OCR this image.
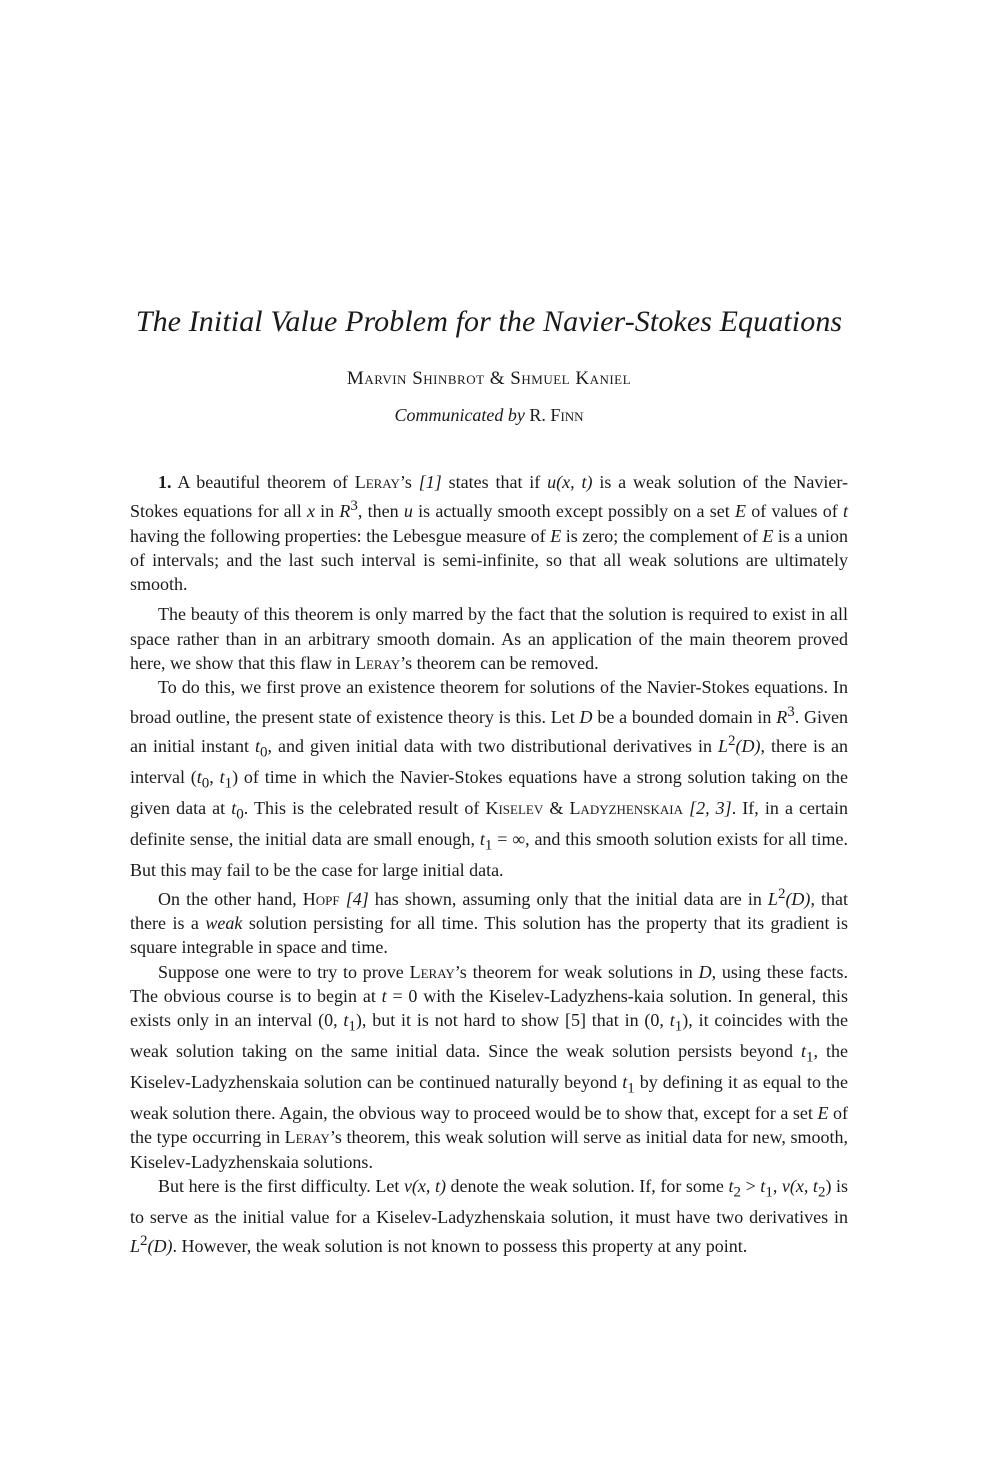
The Initial Value Problem for the Navier-Stokes Equations
Marvin Shinbrot & Shmuel Kaniel
Communicated by R. Finn

1. A beautiful theorem of Leray’s [1] states that if u(x, t) is a weak solution of the Navier-Stokes equations for all x in $R^3$, then u is actually smooth except possibly on a set E of values of t having the following properties: the Lebesgue measure of E is zero; the complement of E is a union of intervals; and the last such interval is semi-infinite, so that all weak solutions are ultimately smooth.

The beauty of this theorem is only marred by the fact that the solution is required to exist in all space rather than in an arbitrary smooth domain. As an application of the main theorem proved here, we show that this flaw in Leray’s theorem can be removed.

To do this, we first prove an existence theorem for solutions of the Navier-Stokes equations. In broad outline, the present state of existence theory is this. Let D be a bounded domain in $R^3$. Given an initial instant $t_0$, and given initial data with two distributional derivatives in $L^2(D)$, there is an interval ($t_0$, $t_1$) of time in which the Navier-Stokes equations have a strong solution taking on the given data at $t_0$. This is the celebrated result of Kiselev & Ladyzhenskaia [2, 3]. If, in a certain definite sense, the initial data are small enough, $t_1$ = ∞, and this smooth solution exists for all time. But this may fail to be the case for large initial data.

On the other hand, Hopf [4] has shown, assuming only that the initial data are in $L^2(D)$, that there is a weak solution persisting for all time. This solution has the property that its gradient is square integrable in space and time.

Suppose one were to try to prove Leray’s theorem for weak solutions in D, using these facts. The obvious course is to begin at t = 0 with the Kiselev-Ladyzhens-kaia solution. In general, this exists only in an interval (0, $t_1$), but it is not hard to show [5] that in (0, $t_1$), it coincides with the weak solution taking on the same initial data. Since the weak solution persists beyond $t_1$, the Kiselev-Ladyzhenskaia solution can be continued naturally beyond $t_1$ by defining it as equal to the weak solution there. Again, the obvious way to proceed would be to show that, except for a set E of the type occurring in Leray’s theorem, this weak solution will serve as initial data for new, smooth, Kiselev-Ladyzhenskaia solutions.

But here is the first difficulty. Let v(x, t) denote the weak solution. If, for some $t_2 > t_1$, v(x, $t_2$) is to serve as the initial value for a Kiselev-Ladyzhenskaia solution, it must have two derivatives in $L^2(D)$. However, the weak solution is not known to possess this property at any point.
